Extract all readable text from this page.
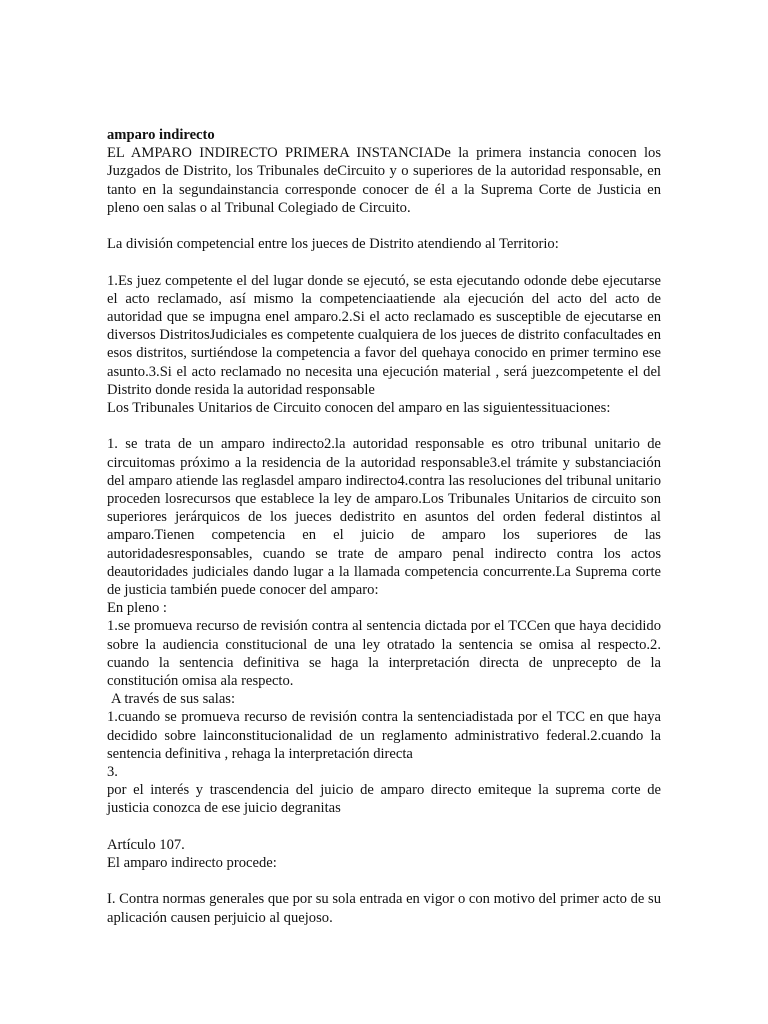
amparo indirecto

EL AMPARO INDIRECTO PRIMERA INSTANCIADe la primera instancia conocen los Juzgados de Distrito, los Tribunales deCircuito y o superiores de la autoridad responsable, en tanto en la segundainstancia corresponde conocer de él a la Suprema Corte de Justicia en pleno oen salas o al Tribunal Colegiado de Circuito.

La división competencial entre los jueces de Distrito atendiendo al Territorio:

1.Es juez competente el del lugar donde se ejecutó, se esta ejecutando odonde debe ejecutarse el acto reclamado, así mismo la competenciaatiende ala ejecución del acto del acto de autoridad que se impugna enel amparo.2.Si el acto reclamado es susceptible de ejecutarse en diversos DistritosJudiciales es competente cualquiera de los jueces de distrito confacultades en esos distritos, surtiéndose la competencia a favor del quehaya conocido en primer termino ese asunto.3.Si el acto reclamado no necesita una ejecución material , será juezcompetente el del Distrito donde resida la autoridad responsable

Los Tribunales Unitarios de Circuito conocen del amparo en las siguientessituaciones:

1. se trata de un amparo indirecto2.la autoridad responsable es otro tribunal unitario de circuitomas próximo a la residencia de la autoridad responsable3.el trámite y substanciación del amparo atiende las reglasdel amparo indirecto4.contra las resoluciones del tribunal unitario proceden losrecursos que establece la ley de amparo.Los Tribunales Unitarios de circuito son superiores jerárquicos de los jueces dedistrito en asuntos del orden federal distintos al amparo.Tienen competencia en el juicio de amparo los superiores de las autoridadesresponsables, cuando se trate de amparo penal indirecto contra los actos deautoridades judiciales dando lugar a la llamada competencia concurrente.La Suprema corte de justicia también puede conocer del amparo:

En pleno :

1.se promueva recurso de revisión contra al sentencia dictada por el TCCen que haya decidido sobre la audiencia constitucional de una ley otratado la sentencia se omisa al respecto.2. cuando la sentencia definitiva se haga la interpretación directa de unprecepto de la constitución omisa ala respecto.

A través de sus salas:

1.cuando se promueva recurso de revisión contra la sentenciadistada por el TCC en que haya decidido sobre lainconstitucionalidad de un reglamento administrativo federal.2.cuando la sentencia definitiva , rehaga la interpretación directa

3.

por el interés y trascendencia del juicio de amparo directo emiteque la suprema corte de justicia conozca de ese juicio degranitas

Artículo 107.

El amparo indirecto procede:

I. Contra normas generales que por su sola entrada en vigor o con motivo del primer acto de su aplicación causen perjuicio al quejoso.
